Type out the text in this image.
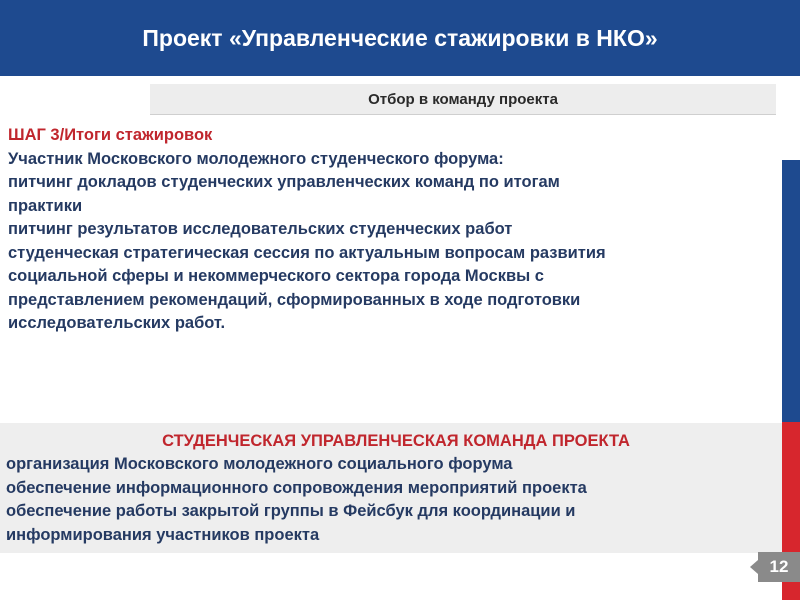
Проект «Управленческие стажировки в НКО»
Отбор в команду проекта
ШАГ 3/Итоги стажировок
Участник Московского молодежного студенческого форума:
питчинг докладов студенческих управленческих команд по итогам
практики
питчинг результатов исследовательских студенческих работ
студенческая стратегическая сессия по актуальным вопросам развития
социальной сферы и некоммерческого сектора города Москвы с
представлением рекомендаций, сформированных в ходе подготовки
исследовательских работ.
СТУДЕНЧЕСКАЯ УПРАВЛЕНЧЕСКАЯ КОМАНДА ПРОЕКТА
организация Московского молодежного социального форума
обеспечение информационного сопровождения мероприятий проекта
обеспечение работы закрытой группы в Фейсбук для координации и
информирования участников проекта
12
